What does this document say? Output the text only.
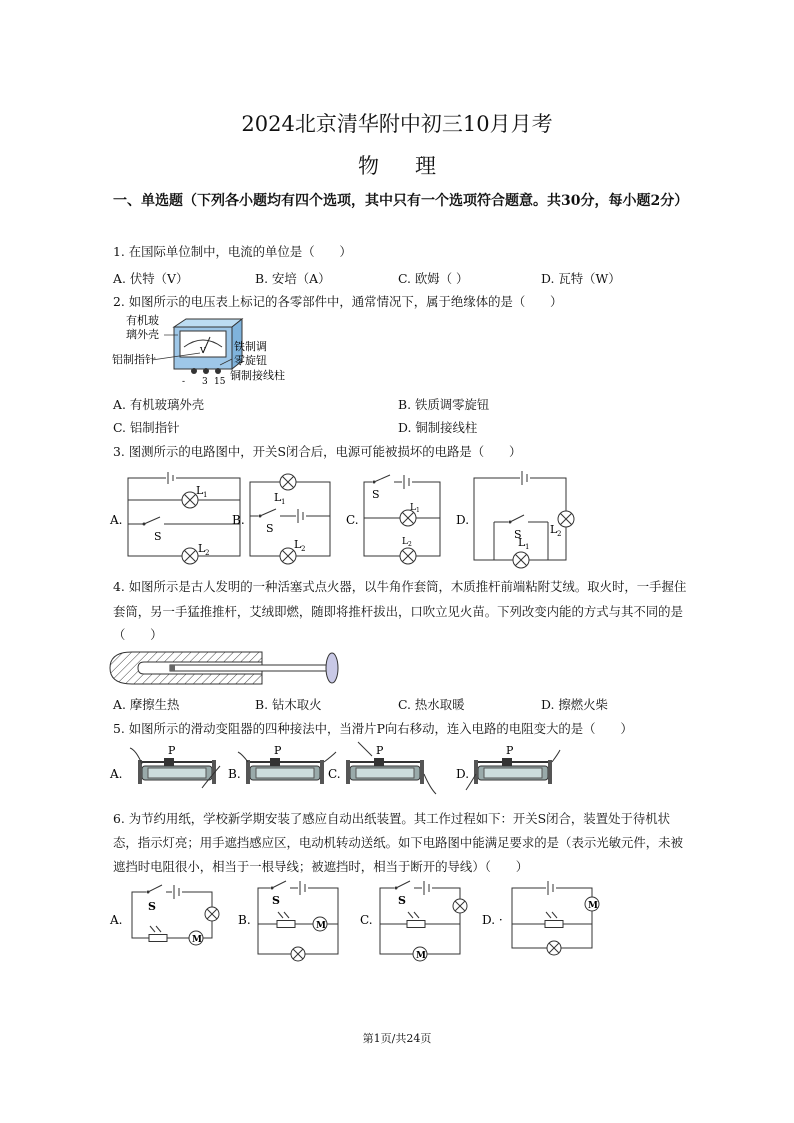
2024北京清华附中初三10月月考
物理
一、单选题（下列各小题均有四个选项，其中只有一个选项符合题意。共30分，每小题2分）
1. 在国际单位制中，电流的单位是（　　）
A. 伏特（V）	B. 安培（A）	C. 欧姆（ ）	D. 瓦特（W）
2. 如图所示的电压表上标记的各零部件中，通常情况下，属于绝缘体的是（　　）
V
- 3 15
有机玻
璃外壳
铝制指针
铁制调
零旋钮
铜制接线柱
A. 有机玻璃外壳	B. 铁质调零旋钮
C. 铝制指针	D. 铜制接线柱
3. 图测所示的电路图中，开关S闭合后，电源可能被损坏的电路是（　　）
A.
L 1
S
L 2
B.
L 1
S
L 2
C.
S
L 1
L 2
D.
L 2
S
L 1
4. 如图所示是古人发明的一种活塞式点火器，以牛角作套筒，木质推杆前端粘附艾绒。取火时，一手握住
套筒，另一手猛推推杆，艾绒即燃，随即将推杆拔出，口吹立见火苗。下列改变内能的方式与其不同的是
（　　）
A. 摩擦生热	B. 钻木取火	C. 热水取暖	D. 擦燃火柴
5. 如图所示的滑动变阻器的四种接法中，当滑片P向右移动，连入电路的电阻变大的是（　　）
A.
P
B.
P
C.
P
D.
P
6. 为节约用纸，学校新学期安装了感应自动出纸装置。其工作过程如下：开关S闭合，装置处于待机状
态，指示灯亮；用手遮挡感应区，电动机转动送纸。如下电路图中能满足要求的是（表示光敏元件，未被
遮挡时电阻很小，相当于一根导线；被遮挡时，相当于断开的导线）（　　）
M
A.
S
B.
S
C.
S
D. ·
第1页/共24页
